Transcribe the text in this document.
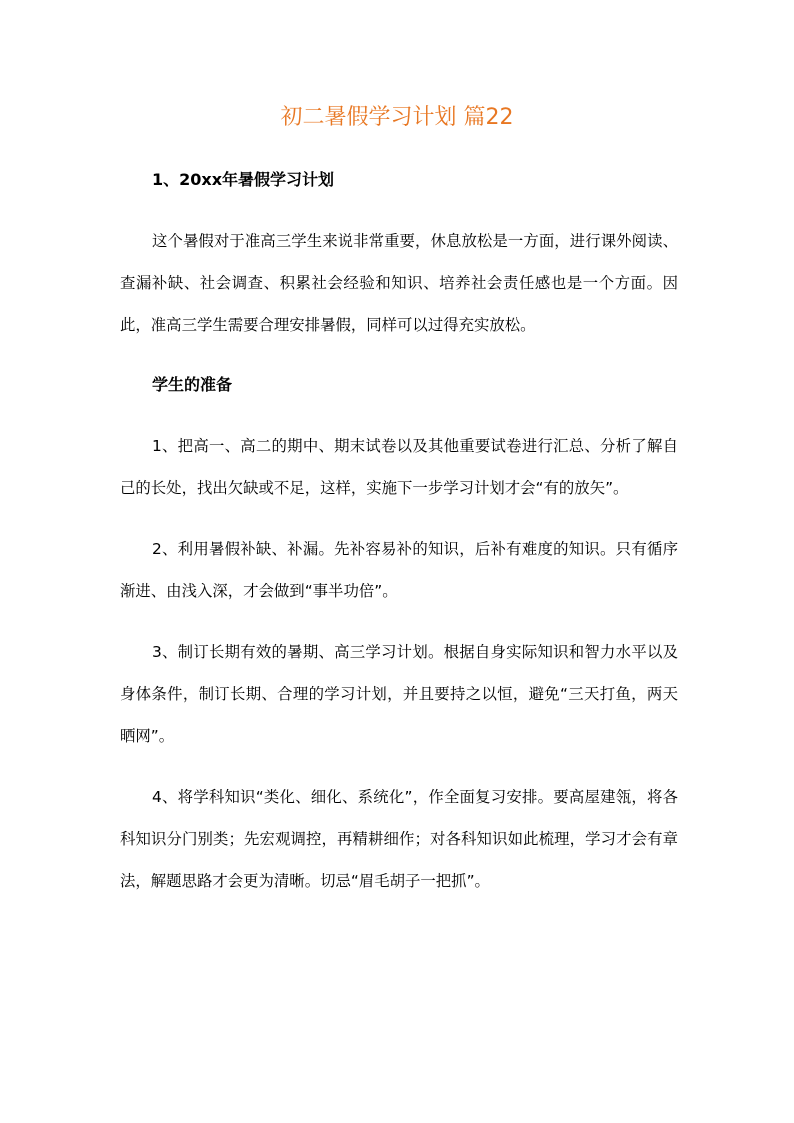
初二暑假学习计划 篇22
1、20xx年暑假学习计划
这个暑假对于准高三学生来说非常重要，休息放松是一方面，进行课外阅读、查漏补缺、社会调查、积累社会经验和知识、培养社会责任感也是一个方面。因此，准高三学生需要合理安排暑假，同样可以过得充实放松。
学生的准备
1、把高一、高二的期中、期末试卷以及其他重要试卷进行汇总、分析了解自己的长处，找出欠缺或不足，这样，实施下一步学习计划才会“有的放矢”。
2、利用暑假补缺、补漏。先补容易补的知识，后补有难度的知识。只有循序渐进、由浅入深，才会做到“事半功倍”。
3、制订长期有效的暑期、高三学习计划。根据自身实际知识和智力水平以及身体条件，制订长期、合理的学习计划，并且要持之以恒，避免“三天打鱼，两天晒网”。
4、将学科知识“类化、细化、系统化”，作全面复习安排。要高屋建瓴，将各科知识分门别类；先宏观调控，再精耕细作；对各科知识如此梳理，学习才会有章法，解题思路才会更为清晰。切忌“眉毛胡子一把抓”。
